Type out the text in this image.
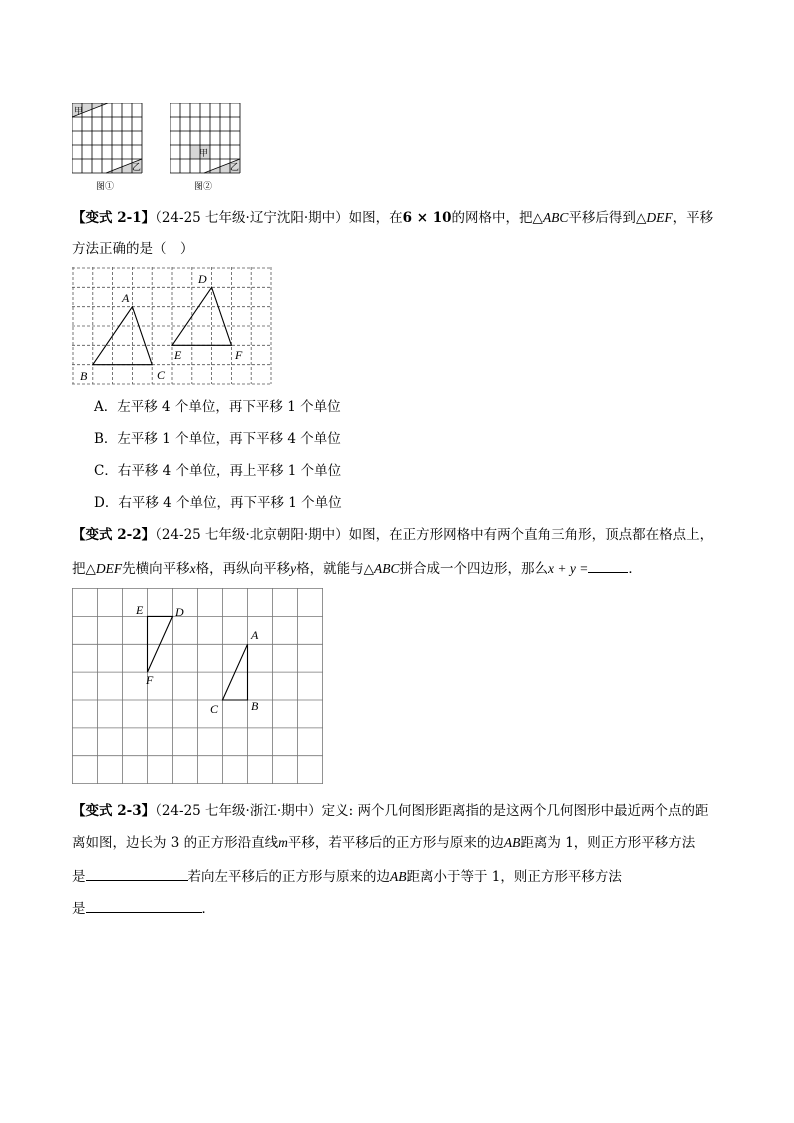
甲
乙
图①
甲
乙
图②
【变式 2-1】（24-25 七年级·辽宁沈阳·期中）如图，在6 × 10的网格中，把△ABC平移后得到△DEF，平移
方法正确的是（　）
A
B	C
D
E	F
A．左平移 4 个单位，再下平移 1 个单位
B．左平移 1 个单位，再下平移 4 个单位
C．右平移 4 个单位，再上平移 1 个单位
D．右平移 4 个单位，再下平移 1 个单位
【变式 2-2】（24-25 七年级·北京朝阳·期中）如图，在正方形网格中有两个直角三角形，顶点都在格点上，
把△DEF先横向平移x格，再纵向平移y格，就能与△ABC拼合成一个四边形，那么x + y =	．
E	D
F
A
C	B
【变式 2-3】（24-25 七年级·浙江·期中）定义: 两个几何图形距离指的是这两个几何图形中最近两个点的距
离如图，边长为 3 的正方形沿直线m平移，若平移后的正方形与原来的边AB距离为 1，则正方形平移方法
是	若向左平移后的正方形与原来的边AB距离小于等于 1，则正方形平移方法
是	．
